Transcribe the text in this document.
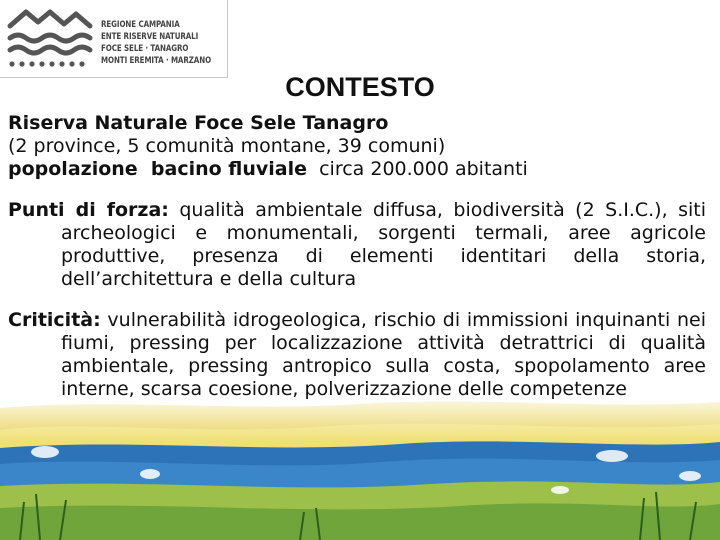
REGIONE CAMPANIA
ENTE RISERVE NATURALI
FOCE SELE · TANAGRO
MONTI EREMITA · MARZANO
CONTESTO

Riserva Naturale Foce Sele Tanagro

(2 province, 5 comunità montane, 39 comuni)

popolazione  bacino fluviale  circa 200.000 abitanti

Punti di forza: qualità ambientale diffusa, biodiversità (2 S.I.C.), siti archeologici e monumentali, sorgenti termali, aree agricole produttive, presenza di elementi identitari della storia, dell’architettura e della cultura

Criticità: vulnerabilità idrogeologica, rischio di immissioni inquinanti nei fiumi, pressing per localizzazione attività detrattrici di qualità ambientale, pressing antropico sulla costa, spopolamento aree interne, scarsa coesione, polverizzazione delle competenze
